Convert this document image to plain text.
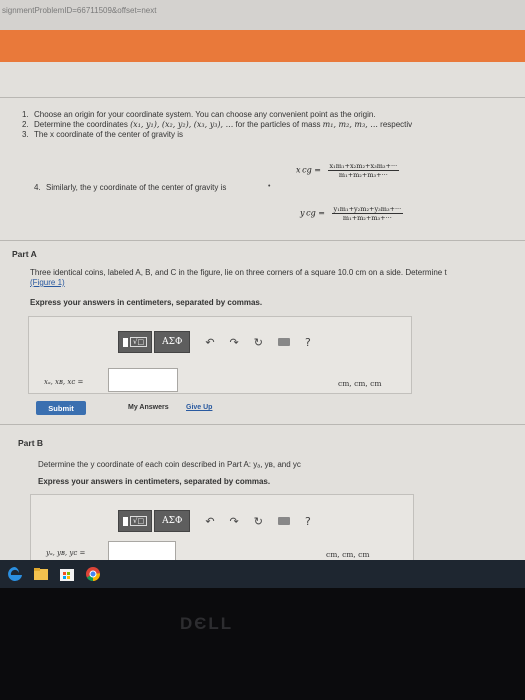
signmentProblemID=66711509&offset=next
1. Choose an origin for your coordinate system. You can choose any convenient point as the origin.
2. Determine the coordinates (x₁, y₁), (x₂, y₂), (x₃, y₃), ... for the particles of mass m₁, m₂, m₃, ... respectiv
3. The x coordinate of the center of gravity is
x cg = $\frac{\text{x₁m₁+x₂m₂+x₃m₃+···}}{\text{m₁+m₂+m₃+···}}$
4. Similarly, the y coordinate of the center of gravity is	•
y cg = $\frac{\text{y₁m₁+y₂m₂+y₃m₃+···}}{\text{m₁+m₂+m₃+···}}$
Part A
Three identical coins, labeled A, B, and C in the figure, lie on three corners of a square 10.0 cm on a side. Determine t
(Figure 1)
Express your answers in centimeters, separated by commas.
√□	ΑΣΦ	↶ ↷ ↻	?
xₐ, xʙ, xᴄ =	cm, cm, cm
Submit	My Answers Give Up
Part B
Determine the y coordinate of each coin described in Part A: yₐ, yʙ, and yᴄ
Express your answers in centimeters, separated by commas.
√□	ΑΣΦ	↶ ↷ ↻	?
yₐ, yʙ, yᴄ =	cm, cm, cm
DЄLL
